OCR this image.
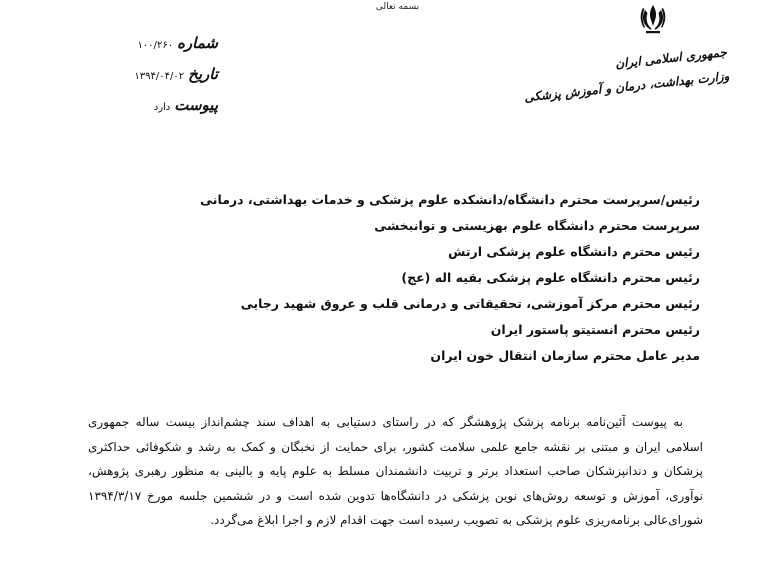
بسمه تعالی
جمهوری اسلامی ایران
وزارت بهداشت، درمان و آموزش پزشکی
شماره
۱۰۰/۲۶۰
تاریخ
۱۳۹۴/۰۴/۰۲
پیوست
دارد
رئیس/سرپرست محترم دانشگاه/دانشکده علوم پزشکی و خدمات بهداشتی، درمانی
سرپرست محترم دانشگاه علوم بهزیستی و توانبخشی
رئیس محترم دانشگاه علوم پزشکی ارتش
رئیس محترم دانشگاه علوم پزشکی بقیه اله (عج)
رئیس محترم مرکز آموزشی، تحقیقاتی و درمانی قلب و عروق شهید رجایی
رئیس محترم انستیتو پاستور ایران
مدیر عامل محترم سازمان انتقال خون ایران

به پیوست آئین‌نامه برنامه پزشک پژوهشگر که در راستای دستیابی به اهداف سند چشم‌انداز بیست ساله جمهوری اسلامی ایران و مبتنی بر نقشه جامع علمی سلامت کشور، برای حمایت از نخبگان و کمک به رشد و شکوفائی حداکثری پزشکان و دندانپزشکان صاحب استعداد برتر و تربیت دانشمندان مسلط به علوم پایه و بالینی به منظور رهبری پژوهش، نوآوری، آموزش و توسعه روش‌های نوین پزشکی در دانشگاه‌ها تدوین شده است و در ششمین جلسه مورخ ۱۳۹۴/۳/۱۷ شورای‌عالی برنامه‌ریزی علوم پزشکی به تصویب رسیده است جهت اقدام لازم و اجرا ابلاغ می‌گردد.
